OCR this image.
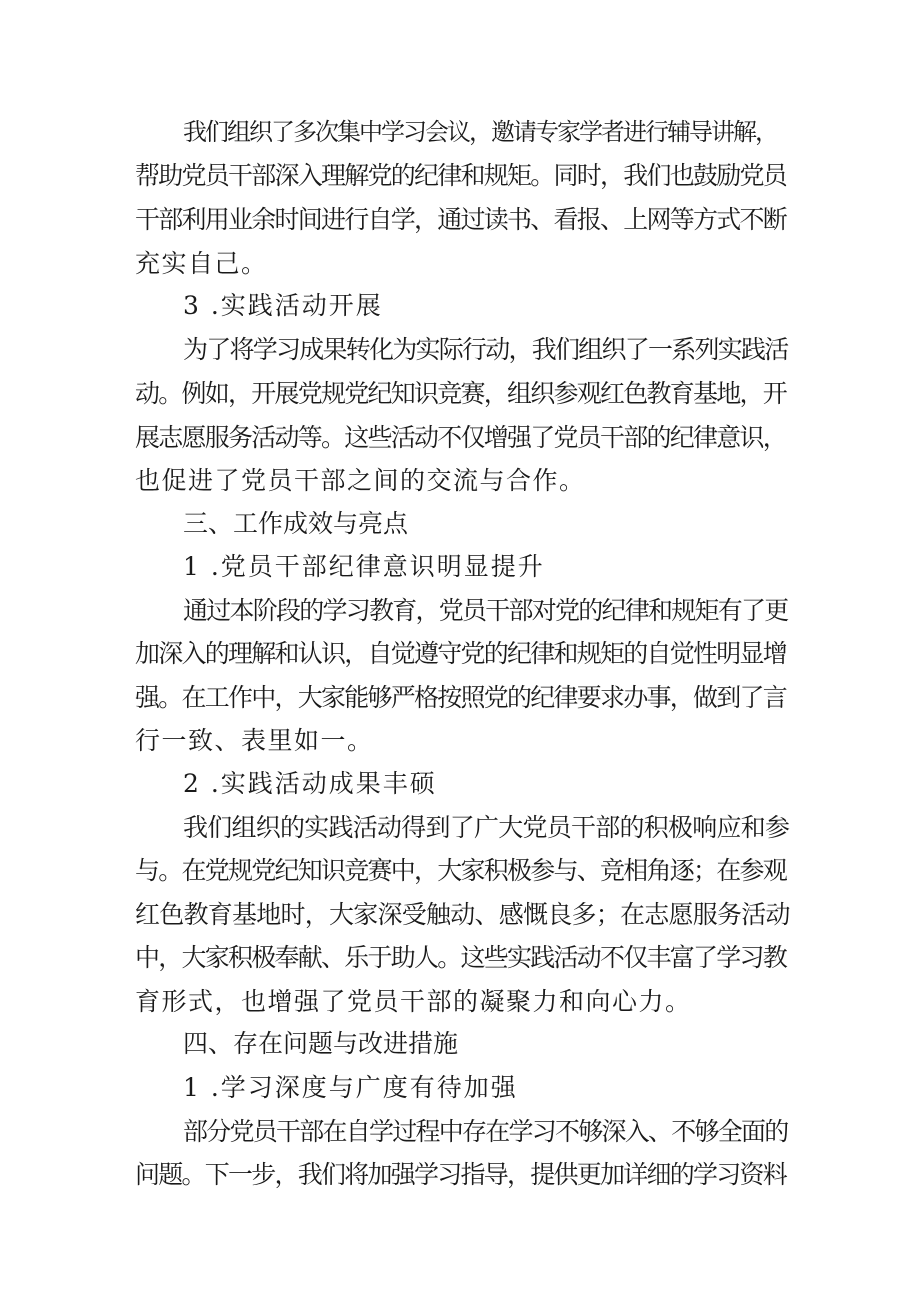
我们组织了多次集中学习会议，邀请专家学者进行辅导讲解，
帮助党员干部深入理解党的纪律和规矩。同时，我们也鼓励党员
干部利用业余时间进行自学，通过读书、看报、上网等方式不断
充实自己。
3 .实践活动开展
为了将学习成果转化为实际行动，我们组织了一系列实践活
动。例如，开展党规党纪知识竞赛，组织参观红色教育基地，开
展志愿服务活动等。这些活动不仅增强了党员干部的纪律意识，
也促进了党员干部之间的交流与合作。
三、工作成效与亮点
1 .党员干部纪律意识明显提升
通过本阶段的学习教育，党员干部对党的纪律和规矩有了更
加深入的理解和认识，自觉遵守党的纪律和规矩的自觉性明显增
强。在工作中，大家能够严格按照党的纪律要求办事，做到了言
行一致、表里如一。
2 .实践活动成果丰硕
我们组织的实践活动得到了广大党员干部的积极响应和参
与。在党规党纪知识竞赛中，大家积极参与、竞相角逐；在参观
红色教育基地时，大家深受触动、感慨良多；在志愿服务活动
中，大家积极奉献、乐于助人。这些实践活动不仅丰富了学习教
育形式，也增强了党员干部的凝聚力和向心力。
四、存在问题与改进措施
1 .学习深度与广度有待加强
部分党员干部在自学过程中存在学习不够深入、不够全面的
问题。下一步，我们将加强学习指导，提供更加详细的学习资料
